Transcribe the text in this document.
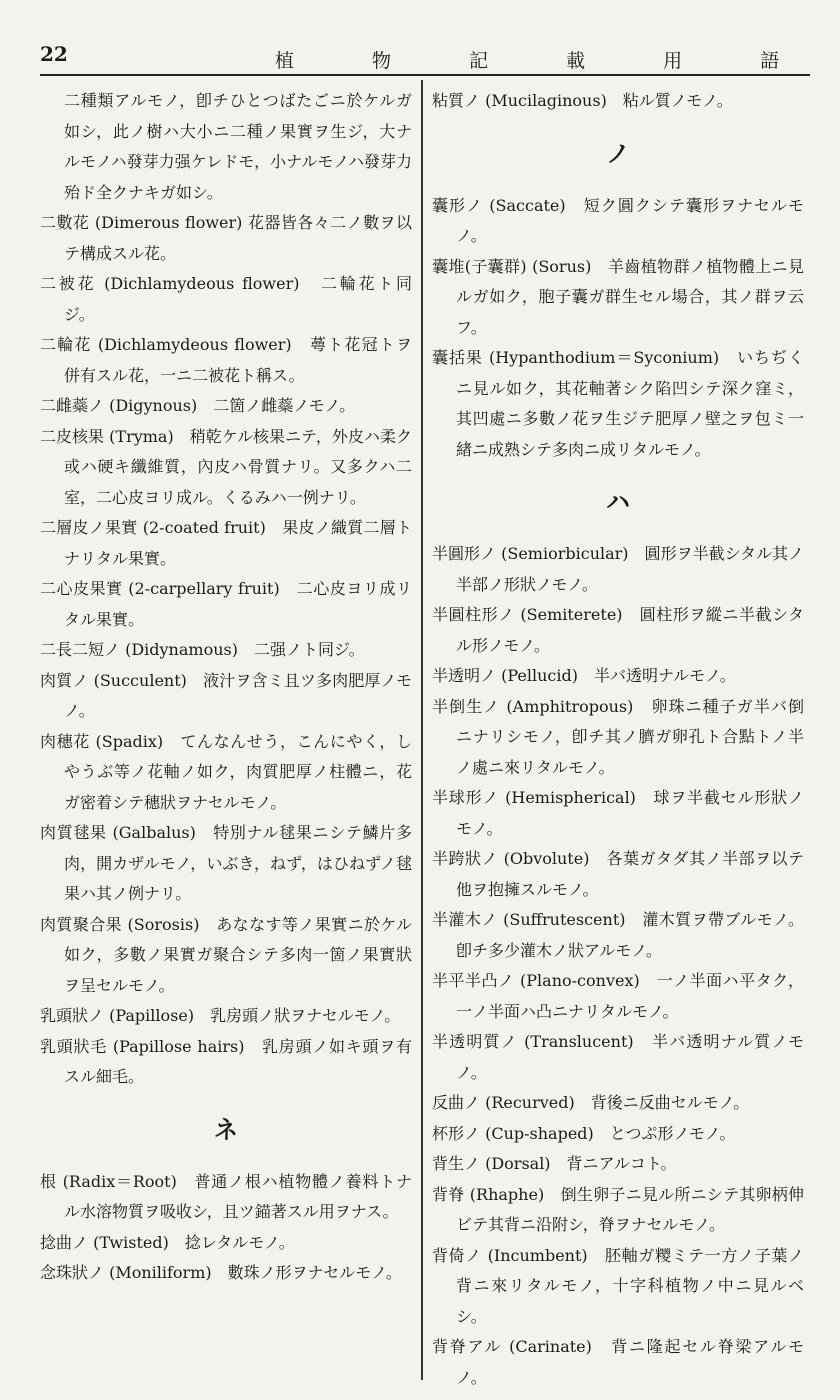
22	植 物 記 載 用 語

二種類アルモノ，卽チひとつばたごニ於ケルガ如シ，此ノ樹ハ大小ニ二種ノ果實ヲ生ジ，大ナルモノハ發芽力强ケレドモ，小ナルモノハ發芽力殆ド全クナキガ如シ。

二數花 (Dimerous flower) 花器皆各々二ノ數ヲ以テ構成スル花。

二被花 (Dichlamydeous flower)　二輪花ト同ジ。

二輪花 (Dichlamydeous flower)　蕚ト花冠トヲ併有スル花，一ニ二被花ト稱ス。

二雌蘂ノ (Digynous)　二箇ノ雌蘂ノモノ。

二皮核果 (Tryma)　稍乾ケル核果ニテ，外皮ハ柔ク或ハ硬キ纖維質，內皮ハ骨質ナリ。又多クハ二室，二心皮ヨリ成ル。くるみハ一例ナリ。

二層皮ノ果實 (2-coated fruit)　果皮ノ織質二層トナリタル果實。

二心皮果實 (2-carpellary fruit)　二心皮ヨリ成リタル果實。

二長二短ノ (Didynamous)　二强ノト同ジ。

肉質ノ (Succulent)　液汁ヲ含ミ且ツ多肉肥厚ノモノ。

肉穗花 (Spadix)　てんなんせう，こんにやく，しやうぶ等ノ花軸ノ如ク，肉質肥厚ノ柱體ニ，花ガ密着シテ穗狀ヲナセルモノ。

肉質毬果 (Galbalus)　特別ナル毬果ニシテ鱗片多肉，開カザルモノ，いぶき，ねず，はひねずノ毬果ハ其ノ例ナリ。

肉質聚合果 (Sorosis)　あななす等ノ果實ニ於ケル如ク，多數ノ果實ガ聚合シテ多肉一箇ノ果實狀ヲ呈セルモノ。

乳頭狀ノ (Papillose)　乳房頭ノ狀ヲナセルモノ。

乳頭狀毛 (Papillose hairs)　乳房頭ノ如キ頭ヲ有スル細毛。

ネ

根 (Radix＝Root)　普通ノ根ハ植物體ノ養料トナル水溶物質ヲ吸收シ，且ツ錨著スル用ヲナス。

捻曲ノ (Twisted)　捻レタルモノ。

念珠狀ノ (Moniliform)　數珠ノ形ヲナセルモノ。

粘質ノ (Mucilaginous)　粘ル質ノモノ。

ノ

囊形ノ (Saccate)　短ク圓クシテ囊形ヲナセルモノ。

囊堆(子囊群) (Sorus)　羊齒植物群ノ植物體上ニ見ルガ如ク，胞子囊ガ群生セル場合，其ノ群ヲ云フ。

囊括果 (Hypanthodium＝Syconium)　いちぢくニ見ル如ク，其花軸著シク陷凹シテ深ク窪ミ，其凹處ニ多數ノ花ヲ生ジテ肥厚ノ壁之ヲ包ミ一緖ニ成熟シテ多肉ニ成リタルモノ。

ハ

半圓形ノ (Semiorbicular)　圓形ヲ半截シタル其ノ半部ノ形狀ノモノ。

半圓柱形ノ (Semiterete)　圓柱形ヲ縱ニ半截シタル形ノモノ。

半透明ノ (Pellucid)　半バ透明ナルモノ。

半倒生ノ (Amphitropous)　卵珠ニ種子ガ半バ倒ニナリシモノ，卽チ其ノ臍ガ卵孔ト合點トノ半ノ處ニ來リタルモノ。

半球形ノ (Hemispherical)　球ヲ半截セル形狀ノモノ。

半跨狀ノ (Obvolute)　各葉ガタダ其ノ半部ヲ以テ他ヲ抱擁スルモノ。

半灌木ノ (Suffrutescent)　灌木質ヲ帶ブルモノ。卽チ多少灌木ノ狀アルモノ。

半平半凸ノ (Plano-convex)　一ノ半面ハ平タク，一ノ半面ハ凸ニナリタルモノ。

半透明質ノ (Translucent)　半バ透明ナル質ノモノ。

反曲ノ (Recurved)　背後ニ反曲セルモノ。

杯形ノ (Cup-shaped)　とつぷ形ノモノ。

背生ノ (Dorsal)　背ニアルコト。

背脊 (Rhaphe)　倒生卵子ニ見ル所ニシテ其卵柄伸ビテ其背ニ沿附シ，脊ヲナセルモノ。

背倚ノ (Incumbent)　胚軸ガ糭ミテ一方ノ子葉ノ背ニ來リタルモノ，十字科植物ノ中ニ見ルベシ。

背脊アル (Carinate)　背ニ隆起セル脊梁アルモノ。
